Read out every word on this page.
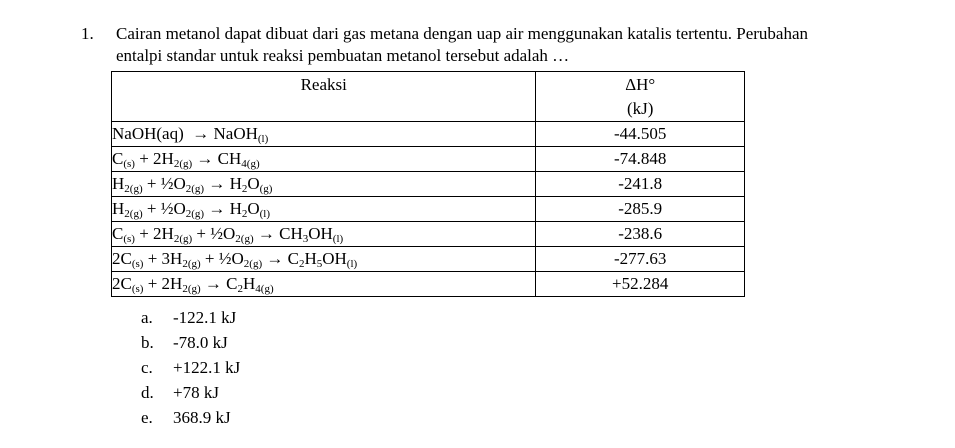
1. Cairan metanol dapat dibuat dari gas metana dengan uap air menggunakan katalis tertentu. Perubahan
entalpi standar untuk reaksi pembuatan metanol tersebut adalah …
Reaksi	ΔH°
(kJ)

NaOH(aq)  → NaOH$_{(l)}$	-44.505
$C_{(s)} + 2H_{2(g)} \to CH_{4(g)}$	-74.848
$H_{2(g)}$ + $\frac{1}{2}O_{2(g)} \to H_2O_{(g)}$	-241.8
$H_{2(g)}$ + $\frac{1}{2}O_{2(g)} \to H_2O_{(l)}$	-285.9
$C_{(s)} + 2H_{2(g)}$ + $\frac{1}{2}O_{2(g)} \to CH_3OH_{(l)}$	-238.6
$2C_{(s)} + 3H_{2(g)}$ + $\frac{1}{2}O_{2(g)} \to C_2H_5OH_{(l)}$	-277.63
$2C_{(s)} + 2H_{2(g)} \to C_2H_{4(g)}$	+52.284
a.	-122.1 kJ
b.	-78.0 kJ
c.	+122.1 kJ
d.	+78 kJ
e.	368.9 kJ
